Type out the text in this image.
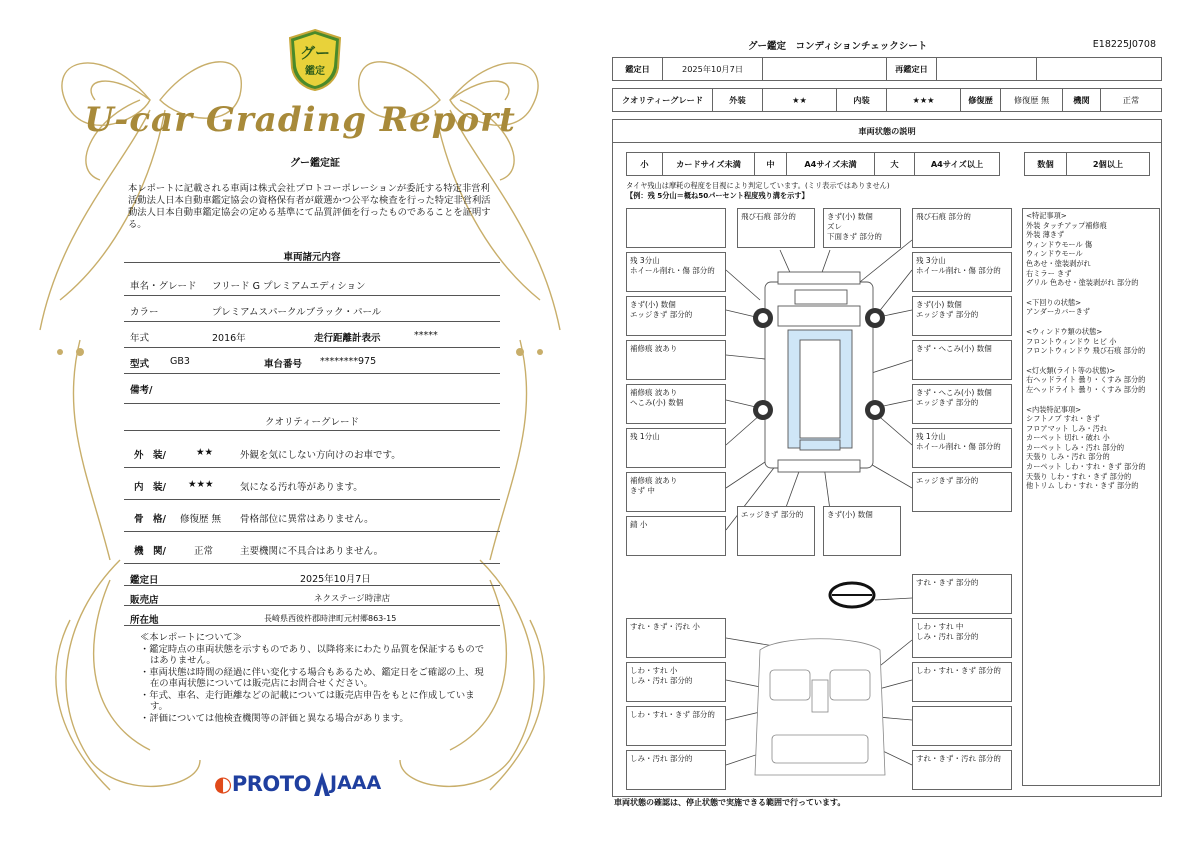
グー
鑑定
U-car Grading Report
グー鑑定証
本レポートに記載される車両は株式会社プロトコーポレーションが委託する特定非営利活動法人日本自動車鑑定協会の資格保有者が厳選かつ公平な検査を行った特定非営利活動法人日本自動車鑑定協会の定める基準にて品質評価を行ったものであることを証明する。
車両諸元内容
車名・グレード フリード G プレミアムエディション
カラー	プレミアムスパークルブラック・パール
年式	2016年	走行距離計表示	*****
型式 GB3	車台番号 ********975
備考/
クオリティーグレード
外　装/	★★	外観を気にしない方向けのお車です。
内　装/ ★★★	気になる汚れ等があります。
骨　格/ 修復歴 無 骨格部位に異常はありません。
機　関/	正常	主要機関に不具合はありません。
鑑定日	2025年10月7日
販売店	ネクステージ時津店
所在地	長崎県西彼杵郡時津町元村郷863-15
≪本レポートについて≫
・鑑定時点の車両状態を示すものであり、以降将来にわたり品質を保証するものではありません。
・車両状態は時間の経過に伴い変化する場合もあるため、鑑定日をご確認の上、現在の車両状態については販売店にお問合せください。
・年式、車名、走行距離などの記載については販売店申告をもとに作成しています。
・評価については他検査機関等の評価と異なる場合があります。
◐PROTO JAAA
グー鑑定　コンディションチェックシート	E18225J0708
鑑定日	2025年10月7日	再鑑定日
クオリティーグレード	外装	★★	内装	★★★	修復歴	修復歴 無	機関	正常
車両状態の説明
小	カードサイズ未満	中	A4サイズ未満	大	A4サイズ以上	数個	2個以上
タイヤ残山は摩耗の程度を目視により判定しています。(ミリ表示ではありません)
【例：残 5分山＝概ね50パーセント程度残り溝を示す】
残 3分山
ホイール削れ・傷 部分的
きず(小) 数個
エッジきず 部分的
補修痕 波あり
補修痕 波あり
へこみ(小) 数個
残 1分山
補修痕 波あり
きず 中
錆 小
飛び石痕 部分的	きず(小) 数個
ズレ
下面きず 部分的
飛び石痕 部分的
残 3分山
ホイール削れ・傷 部分的
きず(小) 数個
エッジきず 部分的
きず・へこみ(小) 数個
きず・へこみ(小) 数個
エッジきず 部分的
残 1分山
ホイール削れ・傷 部分的
エッジきず 部分的
エッジきず 部分的	きず(小) 数個
すれ・きず・汚れ 小
しわ・すれ 小
しみ・汚れ 部分的
しわ・すれ・きず 部分的
しみ・汚れ 部分的
すれ・きず 部分的
しわ・すれ 中
しみ・汚れ 部分的
しわ・すれ・きず 部分的
すれ・きず・汚れ 部分的
<特記事項>
外装 タッチアップ補修痕
外装 薄きず
ウィンドウモール 傷
ウィンドウモール
色あせ・塗装剥がれ
右ミラー きず
グリル 色あせ・塗装剥がれ 部分的
<下回りの状態>
アンダーカバーきず
<ウィンドウ類の状態>
フロントウィンドウ ヒビ 小
フロントウィンドウ 飛び石痕 部分的
<灯火類(ライト等の状態)>
右ヘッドライト 曇り・くすみ 部分的
左ヘッドライト 曇り・くすみ 部分的
<内装特記事項>
シフトノブ すれ・きず
フロアマット しみ・汚れ
カーペット 切れ・破れ 小
カーペット しみ・汚れ 部分的
天張り しみ・汚れ 部分的
カーペット しわ・すれ・きず 部分的
天張り しわ・すれ・きず 部分的
他トリム しわ・すれ・きず 部分的
車両状態の確認は、停止状態で実施できる範囲で行っています。
